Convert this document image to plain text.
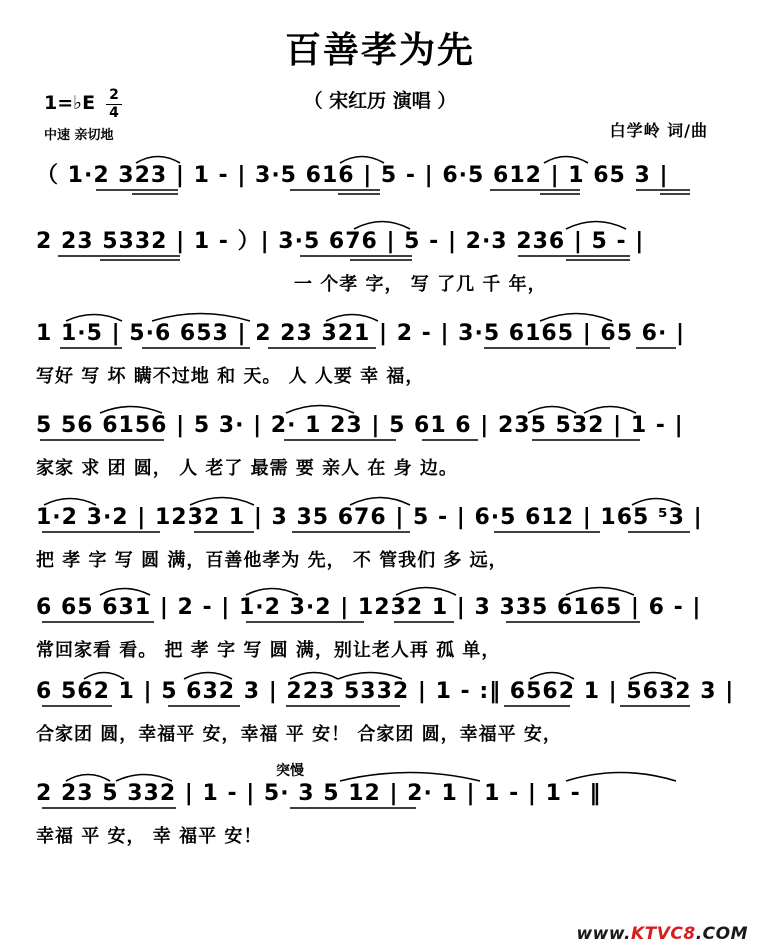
百善孝为先
（ 宋红历 演唱 ）
1=♭E	2
4
中速 亲切地	白学岭 词/曲
（ 1·2 323 | 1 - | 3·5 616 | 5 - | 6·5 612 | 1 65 3 |
2 23 5332 | 1 - ）| 3·5 676 | 5 - | 2·3 236 | 5 - |
一 个孝 字， 写 了几 千 年，
1 1·5 | 5·6 653 | 2 23 321 | 2 - | 3·5 6165 | 65 6· |
写好 写 坏 瞒不过地 和 天。 人 人要 幸 福，
5 56 6156 | 5 3· | 2· 1 23 | 5 61 6 | 235 532 | 1 - |
家家 求 团 圆， 人 老了 最需 要 亲人 在 身 边。
1·2 3·2 | 1232 1 | 3 35 676 | 5 - | 6·5 612 | 165 ⁵3 |
把 孝 字 写 圆 满，百善他孝为 先， 不 管我们 多 远，
6 65 631 | 2 - | 1·2 3·2 | 1232 1 | 3 335 6165 | 6 - |
常回家看 看。 把 孝 字 写 圆 满，别让老人再 孤 单，
6 562 1 | 5 632 3 | 223 5332 | 1 - :‖ 6562 1 | 5632 3 |
合家团 圆，幸福平 安，幸福 平 安！ 合家团 圆，幸福平 安，
突慢
2 23 5 332 | 1 - | 5· 3 5 12 | 2· 1 | 1 - | 1 - ‖
幸福 平 安， 幸 福平 安！
www.KTVC8.COM
